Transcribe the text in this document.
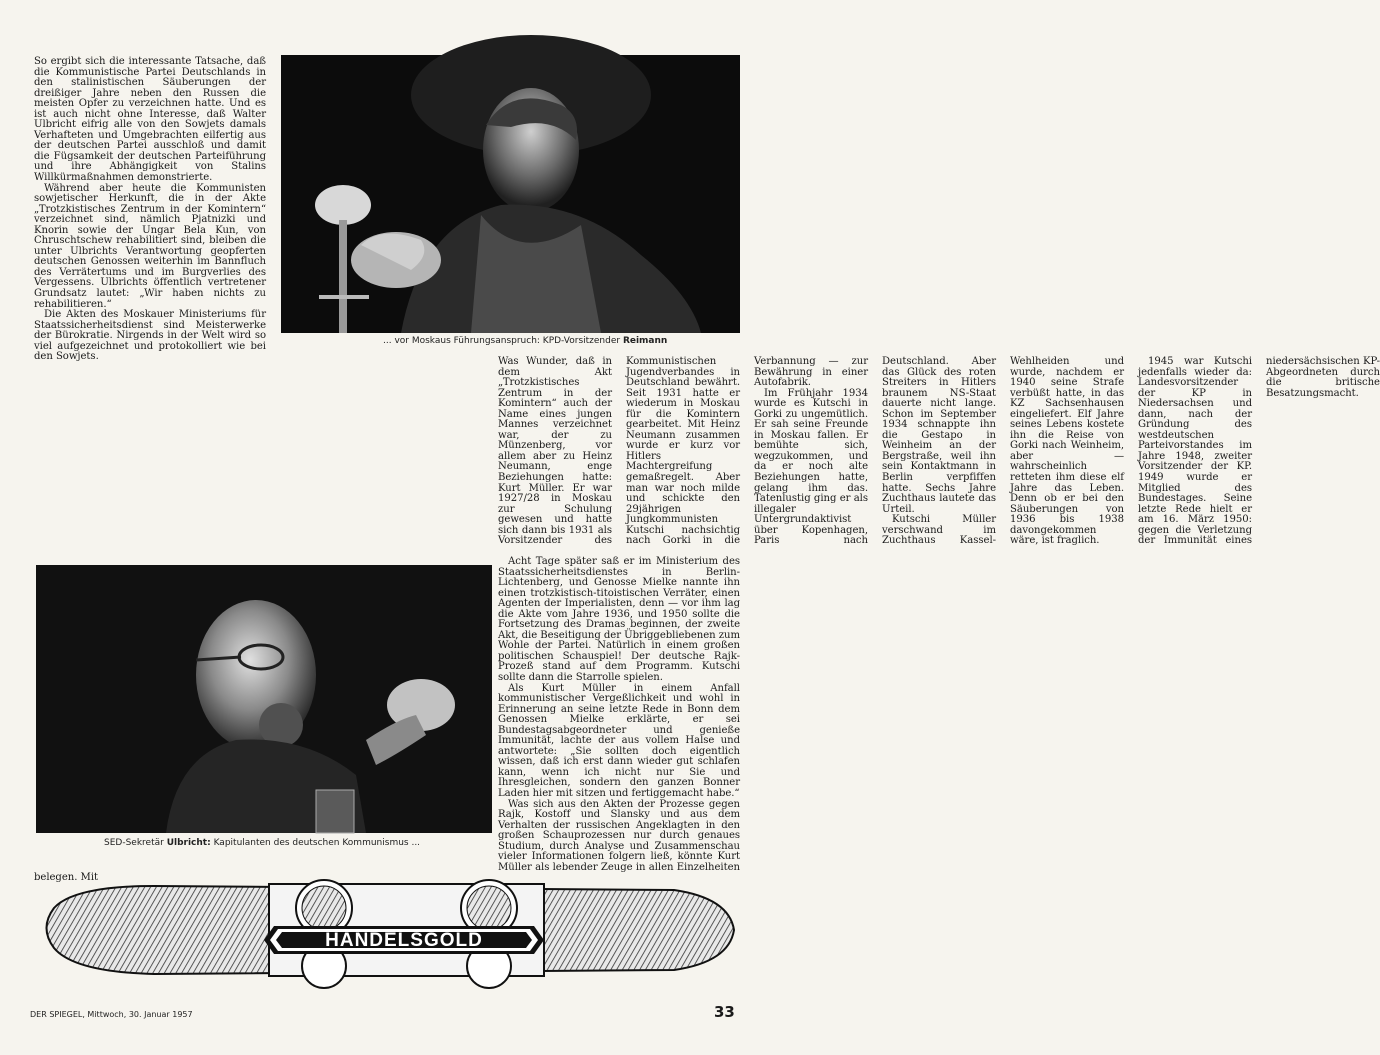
So ergibt sich die interessante Tatsache, daß die Kommunistische Partei Deutschlands in den stalinistischen Säuberungen der dreißiger Jahre neben den Russen die meisten Opfer zu verzeichnen hatte. Und es ist auch nicht ohne Interesse, daß Walter Ulbricht eifrig alle von den Sowjets damals Verhafteten und Umgebrachten eilfertig aus der deutschen Partei ausschloß und damit die Fügsamkeit der deutschen Parteiführung und ihre Abhängigkeit von Stalins Willkürmaßnahmen demonstrierte.

Während aber heute die Kommunisten sowjetischer Herkunft, die in der Akte „Trotzkistisches Zentrum in der Komintern“ verzeichnet sind, nämlich Pjatnizki und Knorin sowie der Ungar Bela Kun, von Chruschtschew rehabilitiert sind, bleiben die unter Ulbrichts Verantwortung geopferten deutschen Genossen weiterhin im Bannfluch des Verrätertums und im Burgverlies des Vergessens. Ulbrichts öffentlich vertretener Grundsatz lautet: „Wir haben nichts zu rehabilitieren.“

Die Akten des Moskauer Ministeriums für Staatssicherheitsdienst sind Meisterwerke der Bürokratie. Nirgends in der Welt wird so viel aufgezeichnet und protokolliert wie bei den Sowjets.

... vor Moskaus Führungsanspruch: KPD-Vorsitzender Reimann

Was Wunder, daß in dem Akt „Trotzkistisches Zentrum in der Komintern“ auch der Name eines jungen Mannes verzeichnet war, der zu Münzenberg, vor allem aber zu Heinz Neumann, enge Beziehungen hatte: Kurt Müller. Er war 1927/28 in Moskau zur Schulung gewesen und hatte sich dann bis 1931 als Vorsitzender des Kommunistischen Jugendverbandes in Deutschland bewährt. Seit 1931 hatte er wiederum in Moskau für die Komintern gearbeitet. Mit Heinz Neumann zusammen wurde er kurz vor Hitlers Machtergreifung gemaßregelt. Aber man war noch milde und schickte den 29jährigen Jungkommunisten Kutschi nachsichtig nach Gorki in die Verbannung — zur Bewährung in einer Autofabrik.

Im Frühjahr 1934 wurde es Kutschi in Gorki zu ungemütlich. Er sah seine Freunde in Moskau fallen. Er bemühte sich, wegzukommen, und da er noch alte Beziehungen hatte, gelang ihm das. Tatenlustig ging er als illegaler Untergrundaktivist über Kopenhagen, Paris nach Deutschland. Aber das Glück des roten Streiters in Hitlers braunem NS-Staat dauerte nicht lange. Schon im September 1934 schnappte ihn die Gestapo in Weinheim an der Bergstraße, weil ihn sein Kontaktmann in Berlin verpfiffen hatte. Sechs Jahre Zuchthaus lautete das Urteil.

Kutschi Müller verschwand im Zuchthaus Kassel-Wehlheiden und wurde, nachdem er 1940 seine Strafe verbüßt hatte, in das KZ Sachsenhausen eingeliefert. Elf Jahre seines Lebens kostete ihn die Reise von Gorki nach Weinheim, aber — wahrscheinlich retteten ihm diese elf Jahre das Leben. Denn ob er bei den Säuberungen von 1936 bis 1938 davongekommen wäre, ist fraglich.

1945 war Kutschi jedenfalls wieder da: Landesvorsitzender der KP in Niedersachsen und dann, nach der Gründung des westdeutschen Parteivorstandes im Jahre 1948, zweiter Vorsitzender der KP. 1949 wurde er Mitglied des Bundestages. Seine letzte Rede hielt er am 16. März 1950: gegen die Verletzung der Immunität eines niedersächsischen KP-Abgeordneten durch die britische Besatzungsmacht.

Acht Tage später saß er im Ministerium des Staatssicherheitsdienstes in Berlin-Lichtenberg, und Genosse Mielke nannte ihn einen trotzkistisch-titoistischen Verräter, einen Agenten der Imperialisten, denn — vor ihm lag die Akte vom Jahre 1936, und 1950 sollte die Fortsetzung des Dramas beginnen, der zweite Akt, die Beseitigung der Übriggebliebenen zum Wohle der Partei. Natürlich in einem großen politischen Schauspiel! Der deutsche Rajk-Prozeß stand auf dem Programm. Kutschi sollte dann die Starrolle spielen.

Als Kurt Müller in einem Anfall kommunistischer Vergeßlichkeit und wohl in Erinnerung an seine letzte Rede in Bonn dem Genossen Mielke erklärte, er sei Bundestagsabgeordneter und genieße Immunität, lachte der aus vollem Halse und antwortete: „Sie sollten doch eigentlich wissen, daß ich erst dann wieder gut schlafen kann, wenn ich nicht nur Sie und Ihresgleichen, sondern den ganzen Bonner Laden hier mit sitzen und fertiggemacht habe.“

Was sich aus den Akten der Prozesse gegen Rajk, Kostoff und Slansky und aus dem Verhalten der russischen Angeklagten in den großen Schauprozessen nur durch genaues Studium, durch Analyse und Zusammenschau vieler Informationen folgern ließ, könnte Kurt Müller als lebender Zeuge in allen Einzelheiten belegen. Mit

SED-Sekretär Ulbricht: Kapitulanten des deutschen Kommunismus ...
HANDELSGOLD
DER SPIEGEL, Mittwoch, 30. Januar 1957	33
